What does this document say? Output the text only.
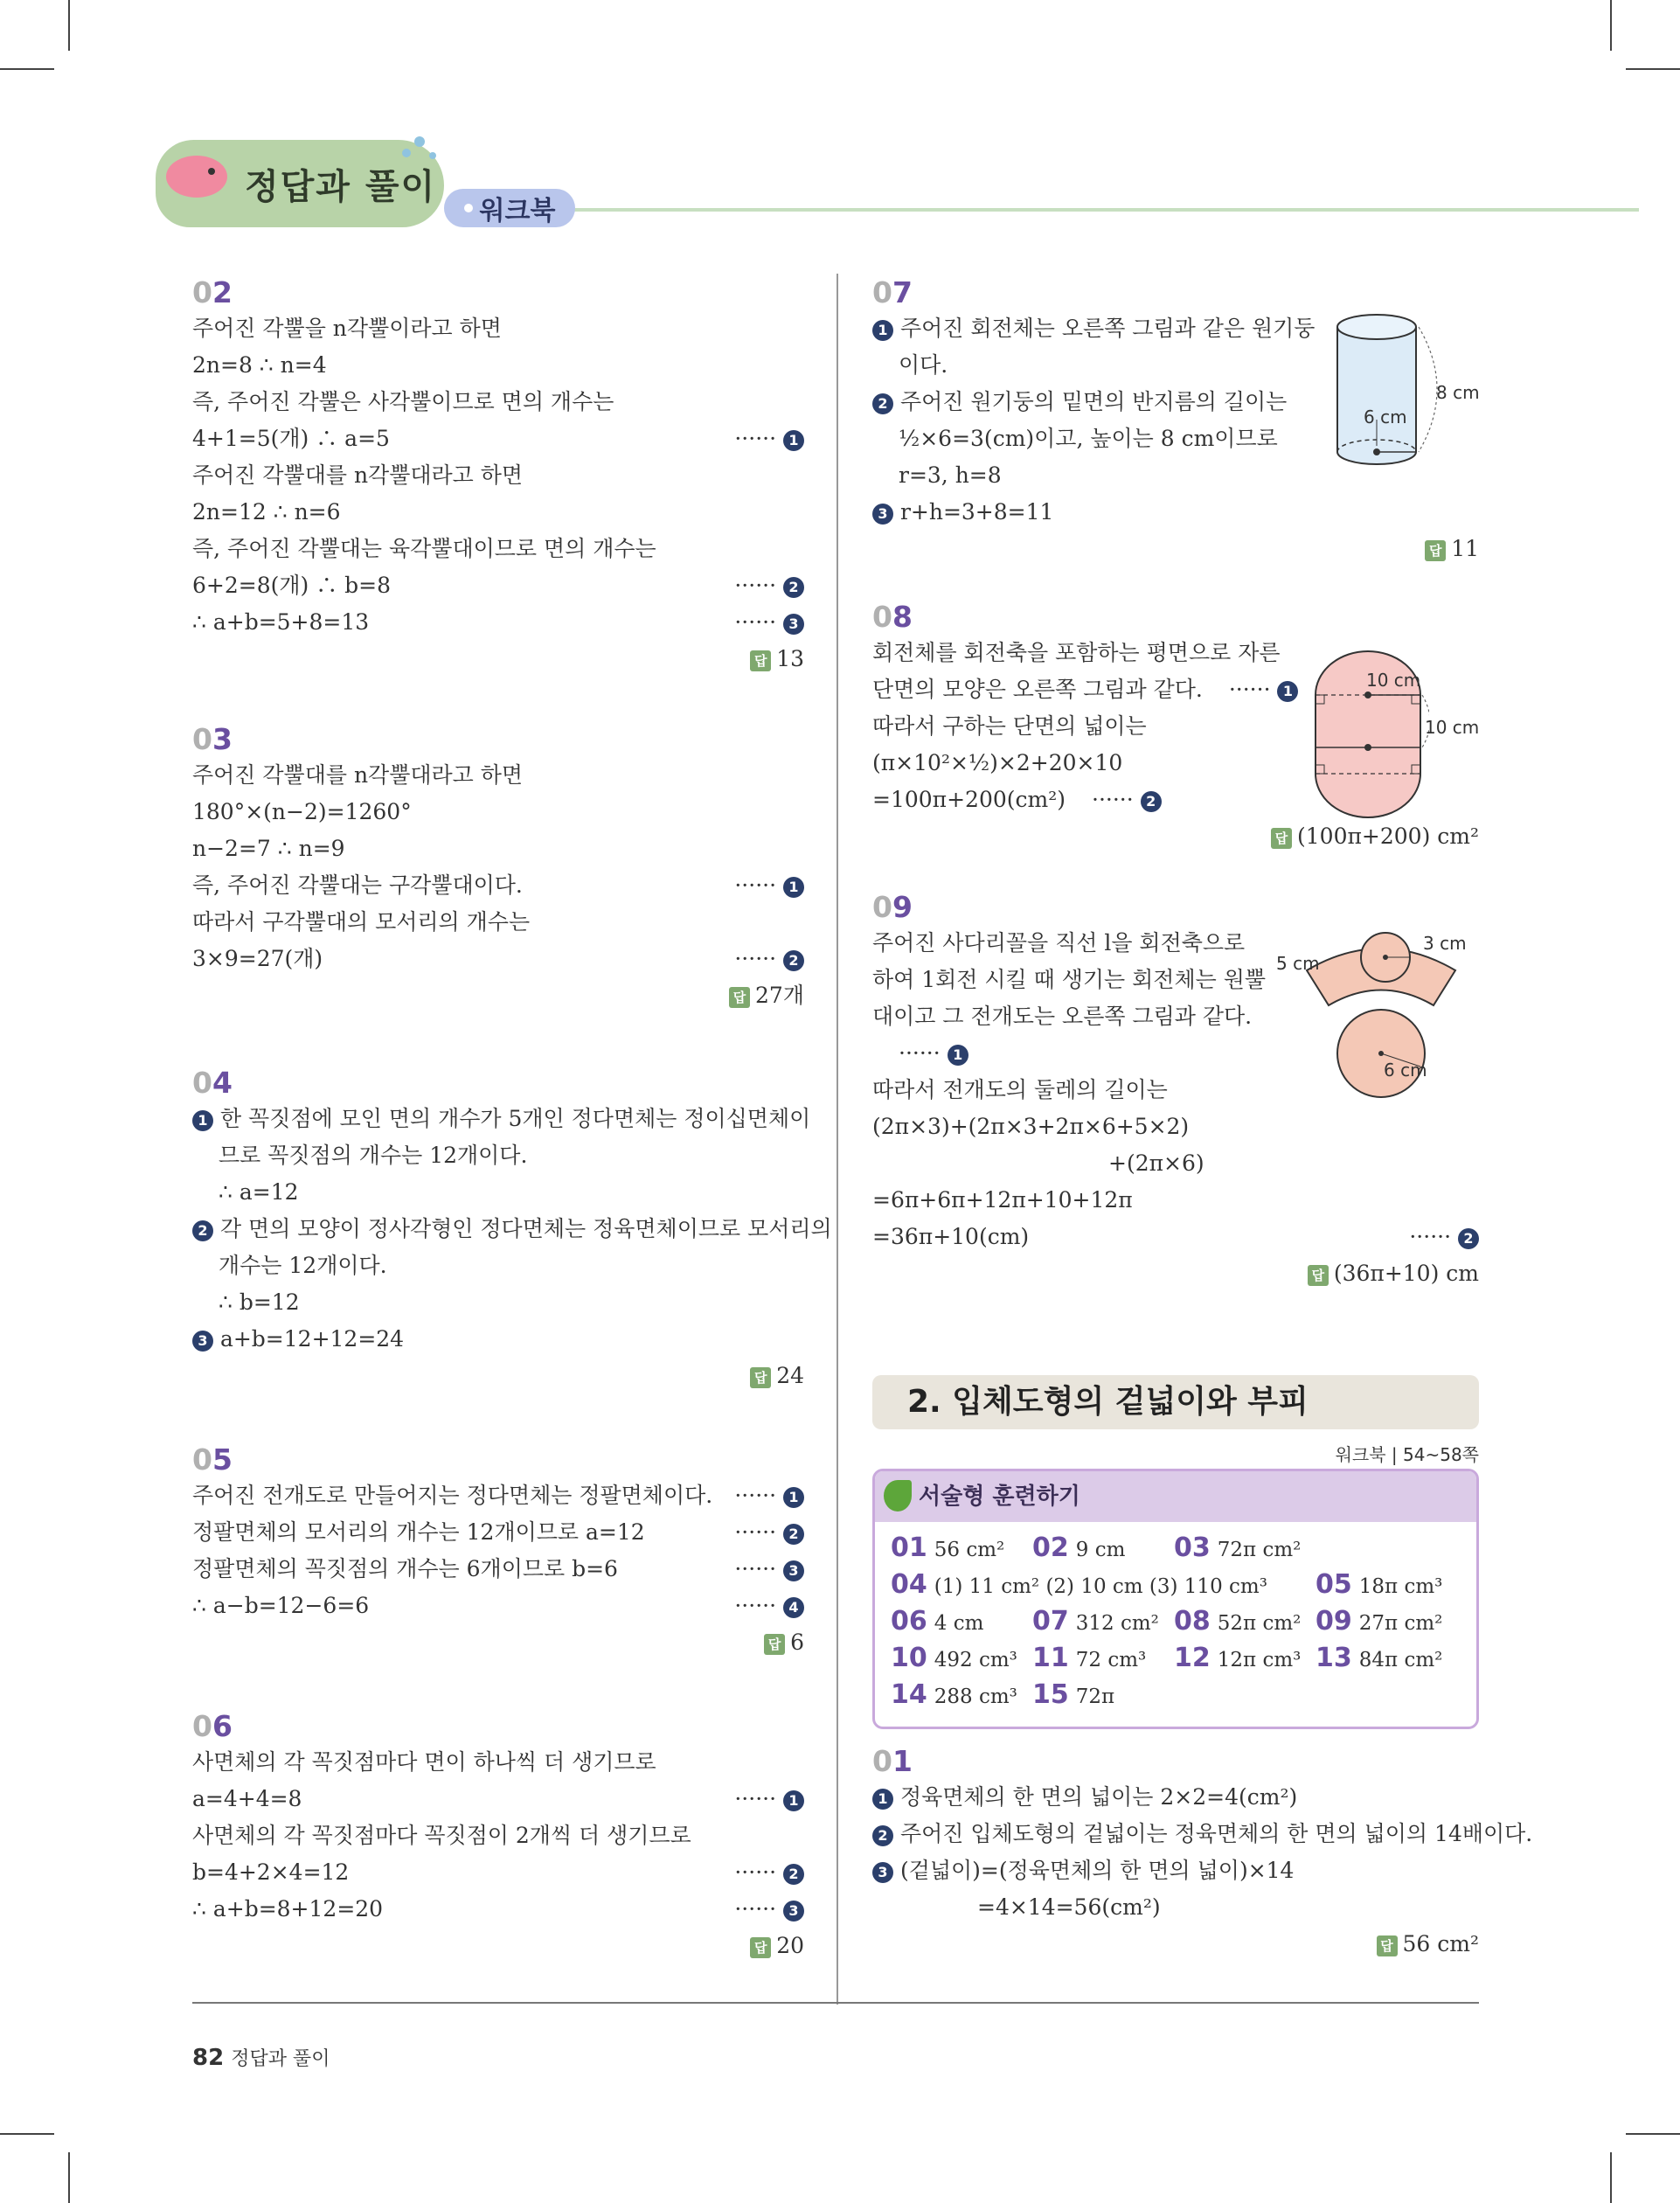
정답과 풀이
워크북
6 cm
8 cm
10 cm
10 cm
5 cm
3 cm
6 cm
2. 입체도형의 겉넓이와 부피
워크북 | 54~58쪽
서술형 훈련하기
01 56 cm² 02 9 cm 03 72π cm²
04 (1) 11 cm² (2) 10 cm (3) 110 cm³ 05 18π cm³
06 4 cm 07 312 cm² 08 52π cm² 09 27π cm²
10 492 cm³ 11 72 cm³ 12 12π cm³ 13 84π cm²
14 288 cm³ 15 72π
82 정답과 풀이
02
주어진 각뿔을 n각뿔이라고 하면
2n=8 ∴ n=4
즉, 주어진 각뿔은 사각뿔이므로 면의 개수는
4+1=5(개) ∴ a=5	······ 1
주어진 각뿔대를 n각뿔대라고 하면
2n=12 ∴ n=6
즉, 주어진 각뿔대는 육각뿔대이므로 면의 개수는
6+2=8(개) ∴ b=8	······ 2
∴ a+b=5+8=13	······ 3
답 13
03
주어진 각뿔대를 n각뿔대라고 하면
180°×(n−2)=1260°
n−2=7 ∴ n=9
즉, 주어진 각뿔대는 구각뿔대이다.	······ 1
따라서 구각뿔대의 모서리의 개수는
3×9=27(개)	······ 2
답 27개
04
1 한 꼭짓점에 모인 면의 개수가 5개인 정다면체는 정이십면체이
므로 꼭짓점의 개수는 12개이다.
∴ a=12
2 각 면의 모양이 정사각형인 정다면체는 정육면체이므로 모서리의
개수는 12개이다.
∴ b=12
3 a+b=12+12=24
답 24
05
주어진 전개도로 만들어지는 정다면체는 정팔면체이다. ······ 1
정팔면체의 모서리의 개수는 12개이므로 a=12	······ 2
정팔면체의 꼭짓점의 개수는 6개이므로 b=6	······ 3
∴ a−b=12−6=6	······ 4
답 6
06
사면체의 각 꼭짓점마다 면이 하나씩 더 생기므로
a=4+4=8	······ 1
사면체의 각 꼭짓점마다 꼭짓점이 2개씩 더 생기므로
b=4+2×4=12	······ 2
∴ a+b=8+12=20	······ 3
답 20
07
1 주어진 회전체는 오른쪽 그림과 같은 원기둥
이다.
2 주어진 원기둥의 밑면의 반지름의 길이는
½×6=3(cm)이고, 높이는 8 cm이므로
r=3, h=8
3 r+h=3+8=11
답 11
08
회전체를 회전축을 포함하는 평면으로 자른
단면의 모양은 오른쪽 그림과 같다. ······ 1
따라서 구하는 단면의 넓이는
(π×10²×½)×2+20×10
=100π+200(cm²) ······ 2
답 (100π+200) cm²
09
주어진 사다리꼴을 직선 l을 회전축으로
하여 1회전 시킬 때 생기는 회전체는 원뿔
대이고 그 전개도는 오른쪽 그림과 같다.
······ 1
따라서 전개도의 둘레의 길이는
(2π×3)+(2π×3+2π×6+5×2)
+(2π×6)
=6π+6π+12π+10+12π
=36π+10(cm)	······ 2
답 (36π+10) cm
01
1 정육면체의 한 면의 넓이는 2×2=4(cm²)
2 주어진 입체도형의 겉넓이는 정육면체의 한 면의 넓이의 14배이다.
3 (겉넓이)=(정육면체의 한 면의 넓이)×14
=4×14=56(cm²)
답 56 cm²
